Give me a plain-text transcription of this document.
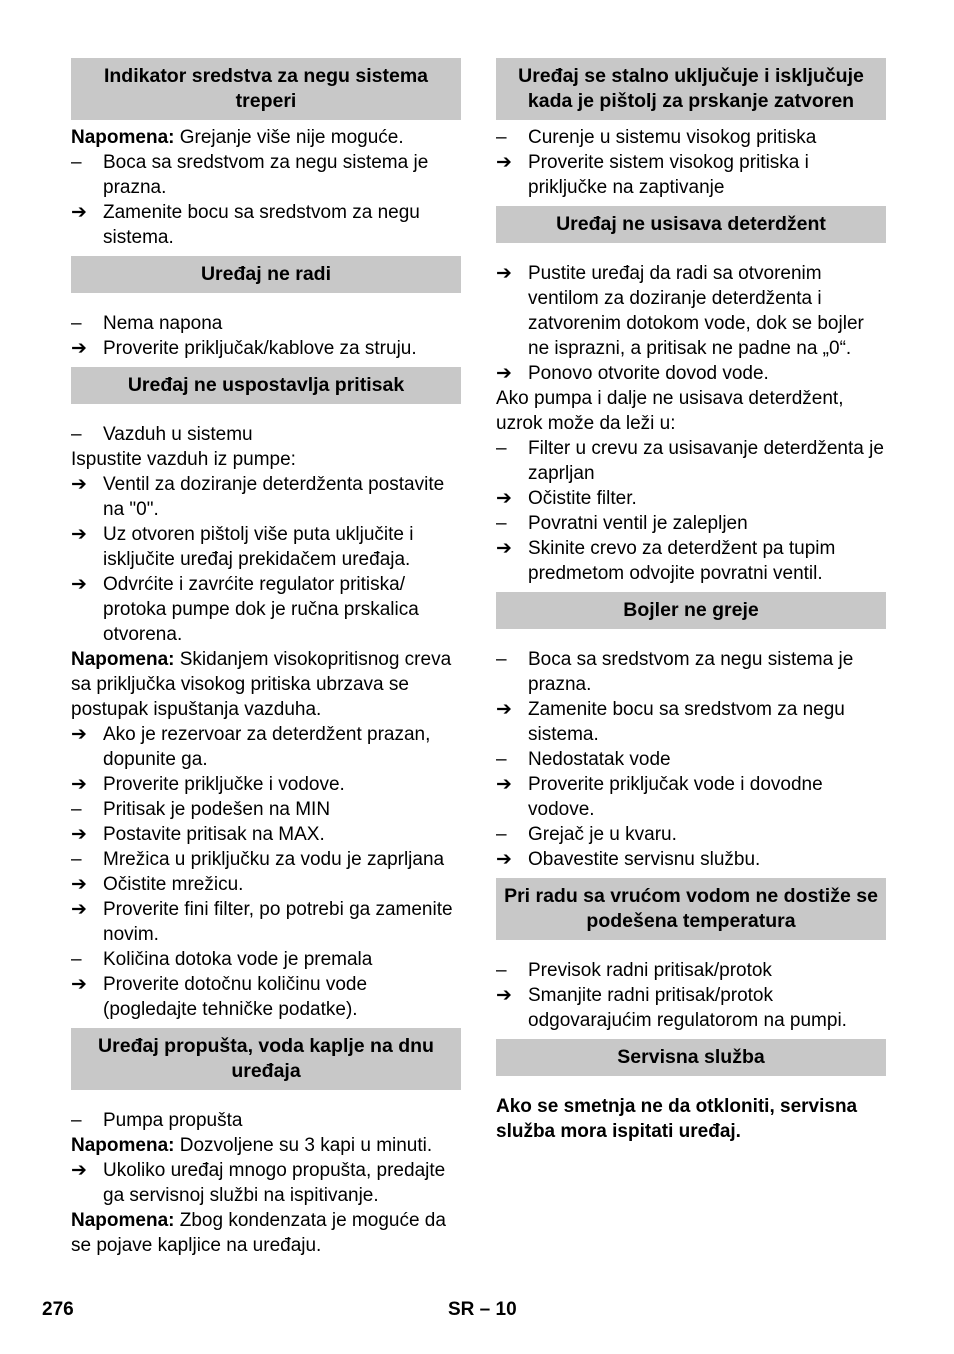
Indikator sredstva za negu sistema treperi
Napomena: Grejanje više nije moguće.
–	Boca sa sredstvom za negu sistema je prazna.
➔ Zamenite bocu sa sredstvom za negu sistema.
Uređaj ne radi
–	Nema napona
➔ Proverite priključak/kablove za struju.
Uređaj ne uspostavlja pritisak
–	Vazduh u sistemu
Ispustite vazduh iz pumpe:
➔ Ventil za doziranje deterdženta postavite na "0".
➔ Uz otvoren pištolj više puta uključite i isključite uređaj prekidačem uređaja.
➔ Odvrćite i zavrćite regulator pritiska/ protoka pumpe dok je ručna prskalica otvorena.
Napomena: Skidanjem visokopritisnog creva sa priključka visokog pritiska ubrzava se postupak ispuštanja vazduha.
➔ Ako je rezervoar za deterdžent prazan, dopunite ga.
➔ Proverite priključke i vodove.
–	Pritisak je podešen na MIN
➔ Postavite pritisak na MAX.
–	Mrežica u priključku za vodu je zaprljana
➔ Očistite mrežicu.
➔ Proverite fini filter, po potrebi ga zamenite novim.
–	Količina dotoka vode je premala
➔ Proverite dotočnu količinu vode (pogledajte tehničke podatke).
Uređaj propušta, voda kaplje na dnu uređaja
–	Pumpa propušta
Napomena: Dozvoljene su 3 kapi u minuti.
➔ Ukoliko uređaj mnogo propušta, predajte ga servisnoj službi na ispitivanje.
Napomena: Zbog kondenzata je moguće da se pojave kapljice na uređaju.
Uređaj se stalno uključuje i isključuje kada je pištolj za prskanje zatvoren
–	Curenje u sistemu visokog pritiska
➔ Proverite sistem visokog pritiska i priključke na zaptivanje
Uređaj ne usisava deterdžent
➔ Pustite uređaj da radi sa otvorenim ventilom za doziranje deterdženta i zatvorenim dotokom vode, dok se bojler ne isprazni, a pritisak ne padne na „0“.
➔ Ponovo otvorite dovod vode.
Ako pumpa i dalje ne usisava deterdžent, uzrok može da leži u:
–	Filter u crevu za usisavanje deterdženta je zaprljan
➔ Očistite filter.
–	Povratni ventil je zalepljen
➔ Skinite crevo za deterdžent pa tupim predmetom odvojite povratni ventil.
Bojler ne greje
–	Boca sa sredstvom za negu sistema je prazna.
➔ Zamenite bocu sa sredstvom za negu sistema.
–	Nedostatak vode
➔ Proverite priključak vode i dovodne vodove.
–	Grejač je u kvaru.
➔ Obavestite servisnu službu.
Pri radu sa vrućom vodom ne dostiže se podešena temperatura
–	Previsok radni pritisak/protok
➔ Smanjite radni pritisak/protok odgovarajućim regulatorom na pumpi.
Servisna služba
Ako se smetnja ne da otkloniti, servisna služba mora ispitati uređaj.
276	SR – 10
